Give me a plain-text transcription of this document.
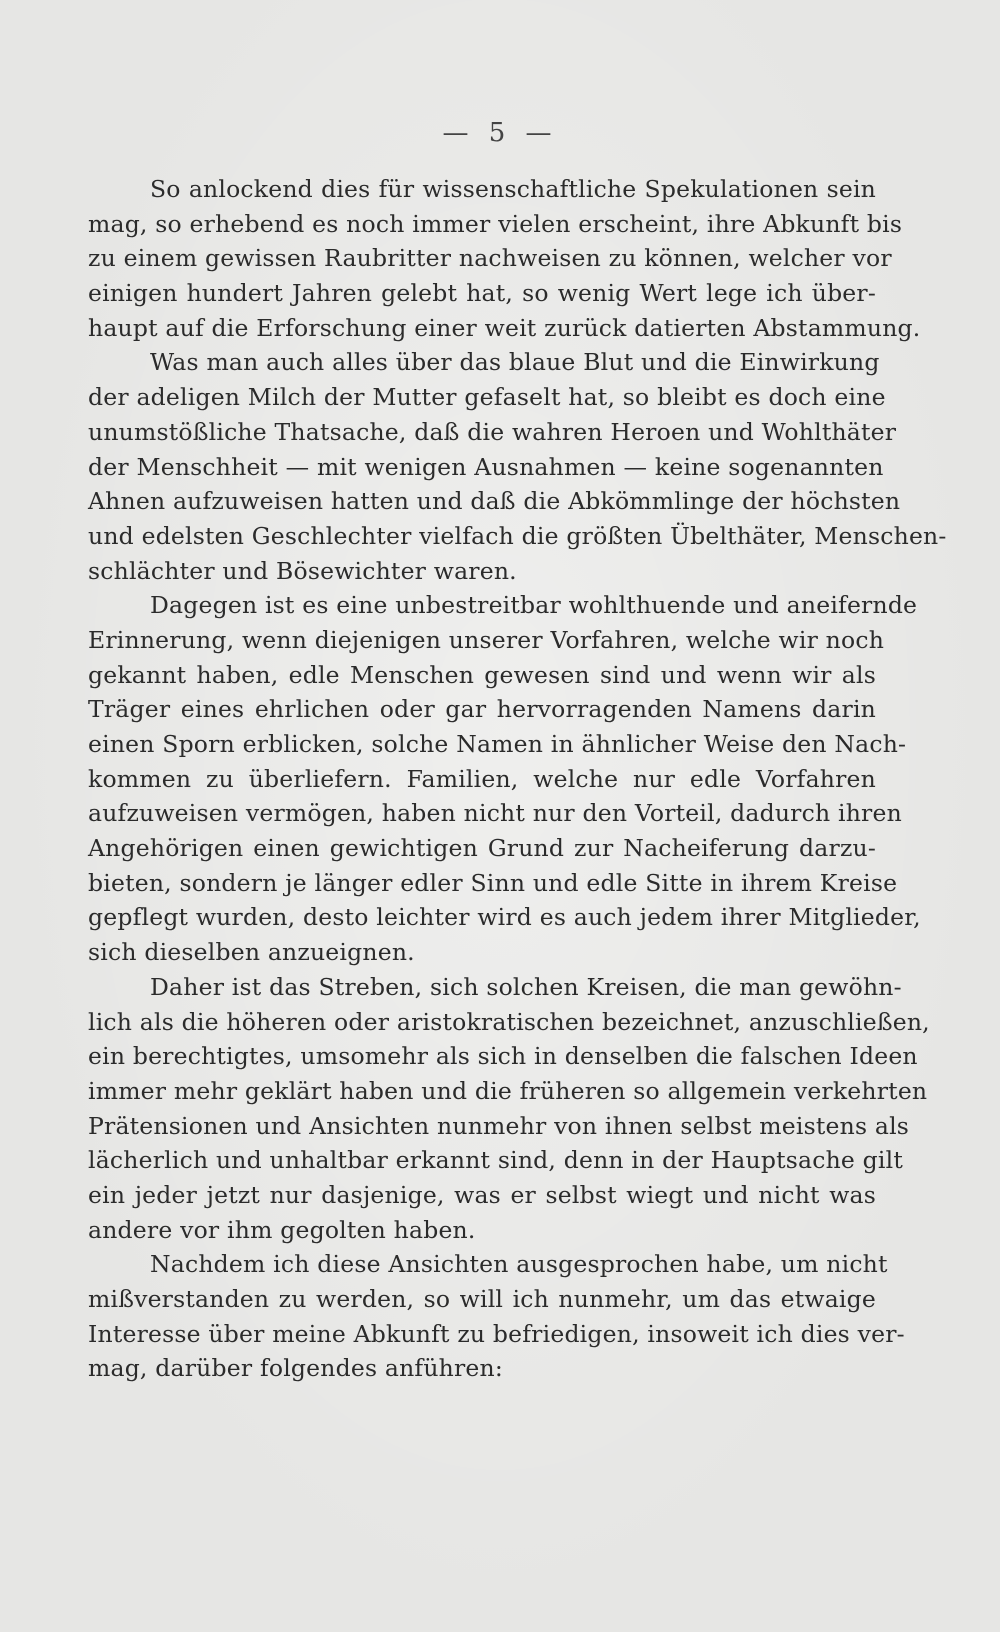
— 5 —
So anlockend dies für wissenschaftliche Spekulationen sein
mag, so erhebend es noch immer vielen erscheint, ihre Abkunft bis
zu einem gewissen Raubritter nachweisen zu können, welcher vor
einigen hundert Jahren gelebt hat, so wenig Wert lege ich über-
haupt auf die Erforschung einer weit zurück datierten Abstammung.
Was man auch alles über das blaue Blut und die Einwirkung
der adeligen Milch der Mutter gefaselt hat, so bleibt es doch eine
unumstößliche Thatsache, daß die wahren Heroen und Wohlthäter
der Menschheit — mit wenigen Ausnahmen — keine sogenannten
Ahnen aufzuweisen hatten und daß die Abkömmlinge der höchsten
und edelsten Geschlechter vielfach die größten Übelthäter, Menschen-
schlächter und Bösewichter waren.
Dagegen ist es eine unbestreitbar wohlthuende und aneifernde
Erinnerung, wenn diejenigen unserer Vorfahren, welche wir noch
gekannt haben, edle Menschen gewesen sind und wenn wir als
Träger eines ehrlichen oder gar hervorragenden Namens darin
einen Sporn erblicken, solche Namen in ähnlicher Weise den Nach-
kommen zu überliefern. Familien, welche nur edle Vorfahren
aufzuweisen vermögen, haben nicht nur den Vorteil, dadurch ihren
Angehörigen einen gewichtigen Grund zur Nacheiferung darzu-
bieten, sondern je länger edler Sinn und edle Sitte in ihrem Kreise
gepflegt wurden, desto leichter wird es auch jedem ihrer Mitglieder,
sich dieselben anzueignen.
Daher ist das Streben, sich solchen Kreisen, die man gewöhn-
lich als die höheren oder aristokratischen bezeichnet, anzuschließen,
ein berechtigtes, umsomehr als sich in denselben die falschen Ideen
immer mehr geklärt haben und die früheren so allgemein verkehrten
Prätensionen und Ansichten nunmehr von ihnen selbst meistens als
lächerlich und unhaltbar erkannt sind, denn in der Hauptsache gilt
ein jeder jetzt nur dasjenige, was er selbst wiegt und nicht was
andere vor ihm gegolten haben.
Nachdem ich diese Ansichten ausgesprochen habe, um nicht
mißverstanden zu werden, so will ich nunmehr, um das etwaige
Interesse über meine Abkunft zu befriedigen, insoweit ich dies ver-
mag, darüber folgendes anführen:
